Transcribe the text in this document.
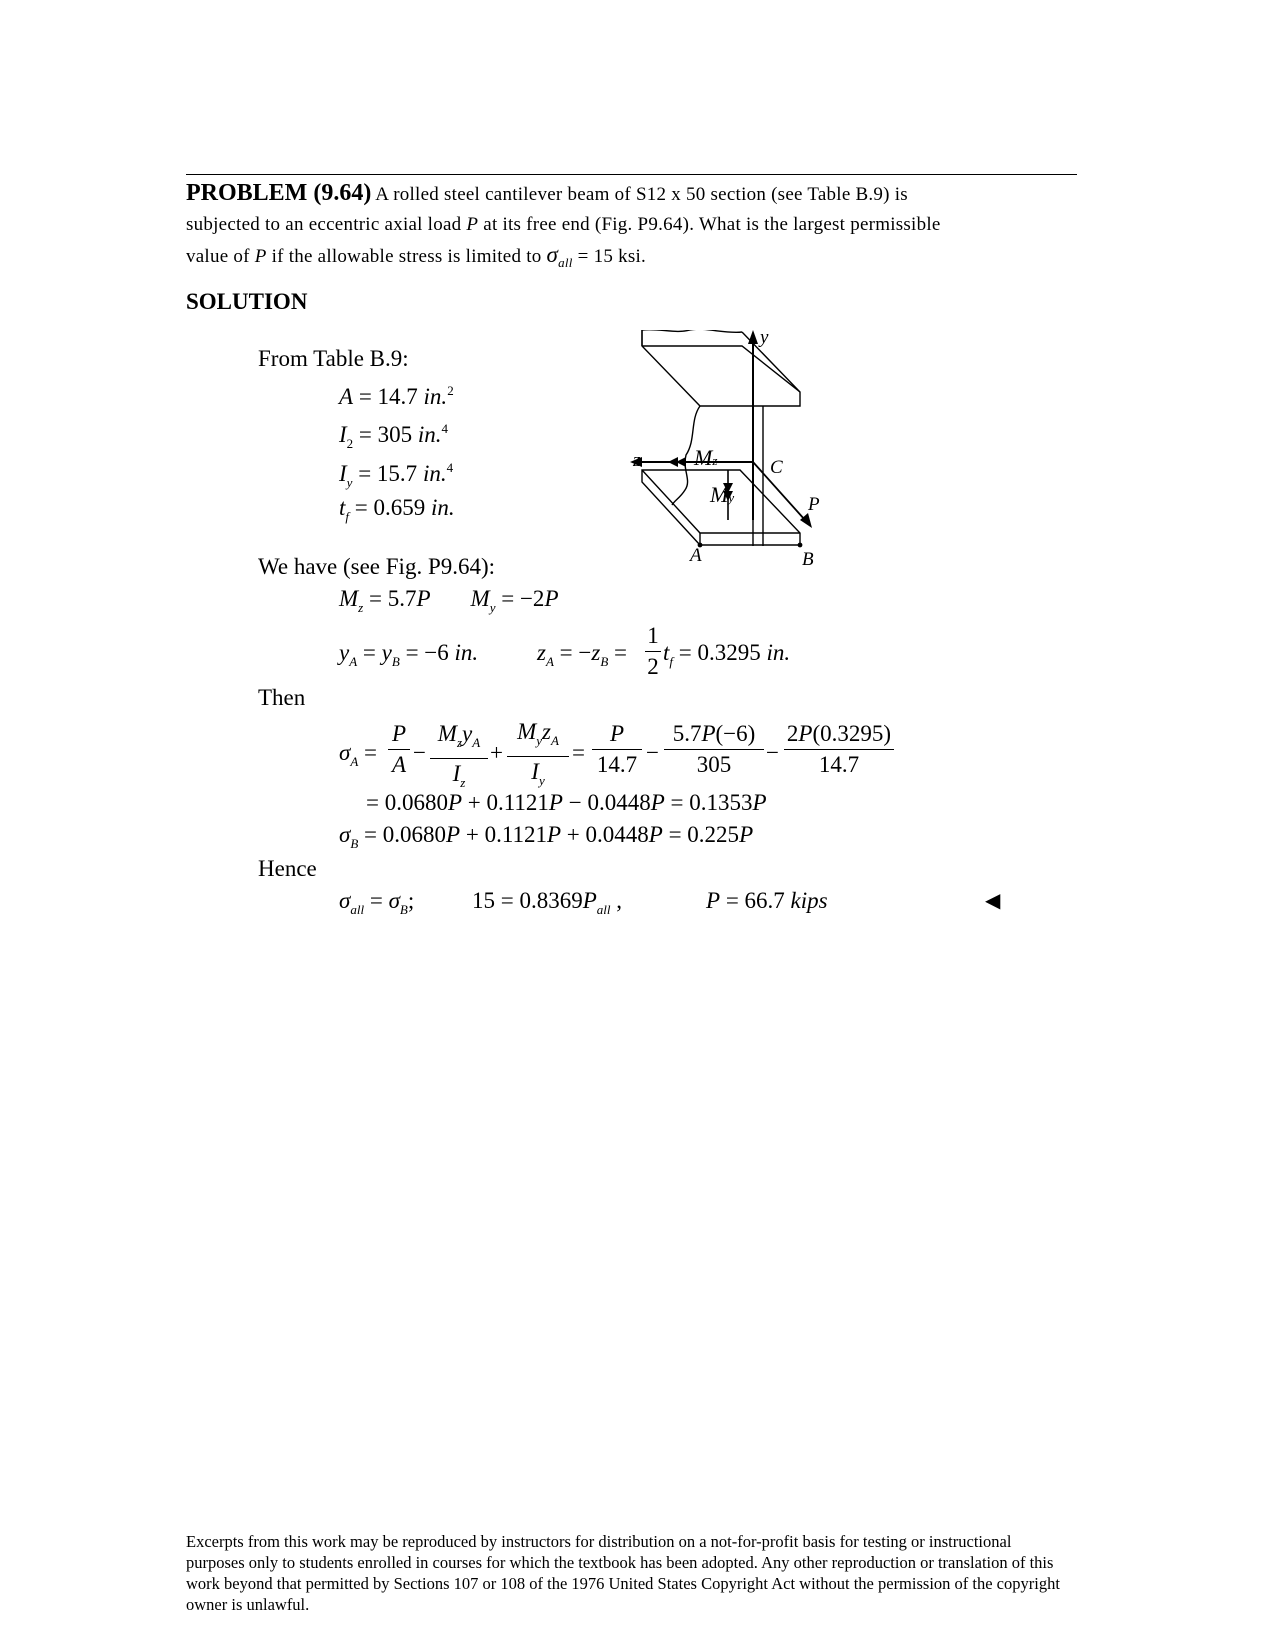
PROBLEM (9.64) A rolled steel cantilever beam of S12 x 50 section (see Table B.9) is
subjected to an eccentric axial load P at its free end (Fig. P9.64). What is the largest permissible
value of P if the allowable stress is limited to $\sigma_{all} = 15$ ksi.
SOLUTION
From Table B.9:
A = 14.7 in.$^2$
$I_2 = 305$ in.$^4$
$I_y = 15.7$ in.$^4$
$t_f = 0.659$ in.
y
z Mz
My
C
P
A	B
We have (see Fig. P9.64):
$M_z = 5.7P$ $M_y = -2P$
$y_A = y_B = -6$ in.	$z_A = -z_B$ =
1
2
$t_f = 0.3295$ in.
Then
$\sigma_A$ =
P
A −
$M_zy_A$
$I_z$
+
$M_yz_A$
$I_y$
=
P
14.7 −
5.7P(−6)
305	−
2P(0.3295)
14.7
= 0.0680P + 0.1121P − 0.0448P = 0.1353P
$\sigma_B = 0.0680P + 0.1121P + 0.0448P = 0.225P$
Hence
$\sigma_{all} = \sigma_B$;	$15 = 0.8369P_{all}$ ,	P = 66.7 kips	◀
Excerpts from this work may be reproduced by instructors for distribution on a not-for-profit basis for testing or instructional purposes only to students enrolled in courses for which the textbook has been adopted. Any other reproduction or translation of this work beyond that permitted by Sections 107 or 108 of the 1976 United States Copyright Act without the permission of the copyright owner is unlawful.
